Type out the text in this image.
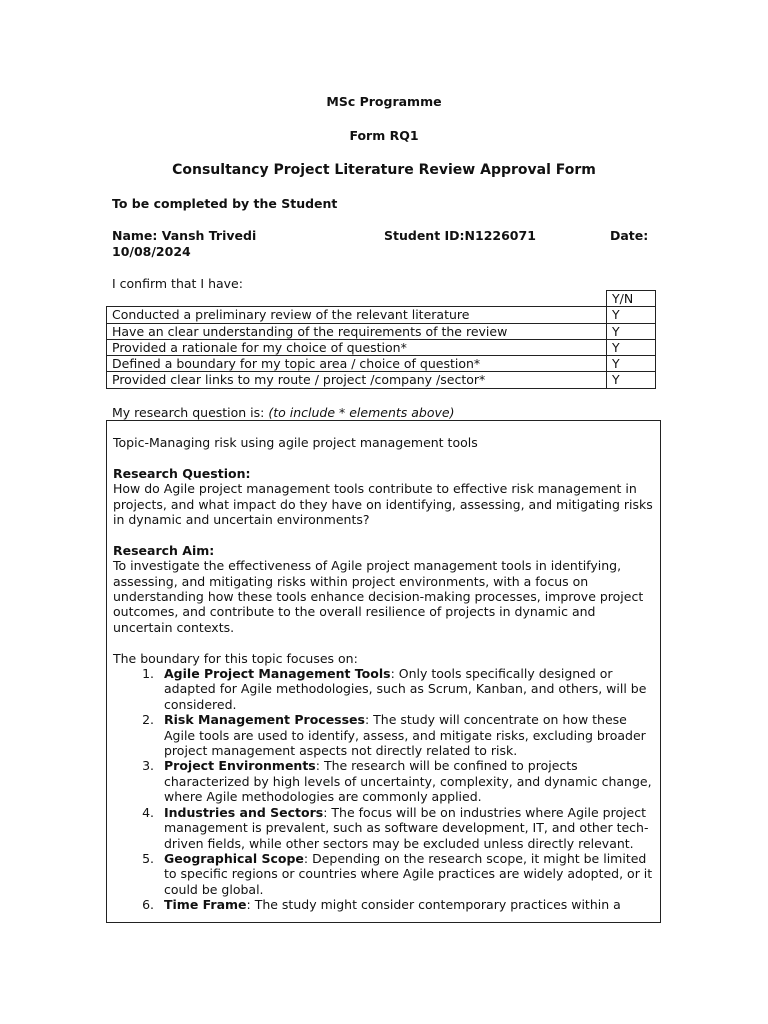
MSc Programme
Form RQ1
Consultancy Project Literature Review Approval Form
To be completed by the Student
Name: Vansh Trivedi	Student ID:N1226071	Date:
10/08/2024
I confirm that I have:
	Y/N
Conducted a preliminary review of the relevant literature	Y
Have an clear understanding of the requirements of the review	Y
Provided a rationale for my choice of question*	Y
Defined a boundary for my topic area / choice of question*	Y
Provided clear links to my route / project /company /sector*	Y
My research question is: (to include * elements above)

Topic-Managing risk using agile project management tools

Research Question:

How do Agile project management tools contribute to effective risk management in projects, and what impact do they have on identifying, assessing, and mitigating risks in dynamic and uncertain environments?

Research Aim:

To investigate the effectiveness of Agile project management tools in identifying, assessing, and mitigating risks within project environments, with a focus on understanding how these tools enhance decision-making processes, improve project outcomes, and contribute to the overall resilience of projects in dynamic and uncertain contexts.

The boundary for this topic focuses on:

1. Agile Project Management Tools: Only tools specifically designed or adapted for Agile methodologies, such as Scrum, Kanban, and others, will be considered.
2. Risk Management Processes: The study will concentrate on how these Agile tools are used to identify, assess, and mitigate risks, excluding broader project management aspects not directly related to risk.
3. Project Environments: The research will be confined to projects characterized by high levels of uncertainty, complexity, and dynamic change, where Agile methodologies are commonly applied.
4. Industries and Sectors: The focus will be on industries where Agile project management is prevalent, such as software development, IT, and other tech-driven fields, while other sectors may be excluded unless directly relevant.
5. Geographical Scope: Depending on the research scope, it might be limited to specific regions or countries where Agile practices are widely adopted, or it could be global.
6. Time Frame: The study might consider contemporary practices within a
